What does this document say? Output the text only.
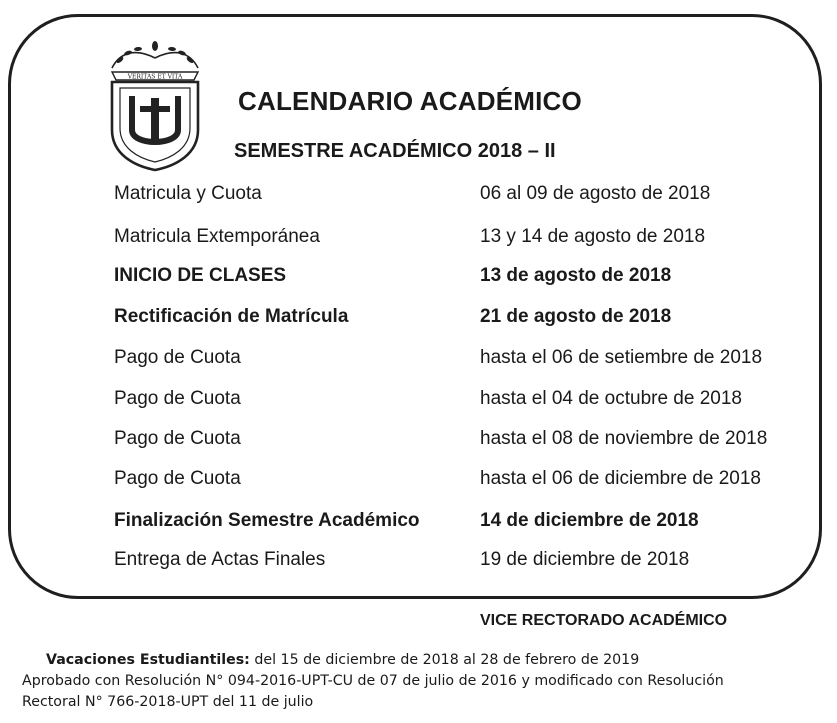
VERITAS ET VITA
CALENDARIO ACADÉMICO
SEMESTRE ACADÉMICO 2018 – II
Matricula y Cuota	06 al 09 de agosto de 2018
Matricula Extemporánea	13 y 14 de agosto de 2018
INICIO DE CLASES	13 de agosto de 2018
Rectificación de Matrícula	21 de agosto de 2018
Pago de Cuota	hasta el 06 de setiembre de 2018
Pago de Cuota	hasta el 04 de octubre de 2018
Pago de Cuota	hasta el 08 de noviembre de 2018
Pago de Cuota	hasta el 06 de diciembre de 2018
Finalización Semestre Académico	14 de diciembre de 2018
Entrega de Actas Finales	19 de diciembre de 2018
VICE RECTORADO ACADÉMICO
Vacaciones Estudiantiles: del 15 de diciembre de 2018 al 28 de febrero de 2019
Aprobado con Resolución N° 094-2016-UPT-CU de 07 de julio de 2016 y modificado con Resolución
Rectoral N° 766-2018-UPT del 11 de julio
